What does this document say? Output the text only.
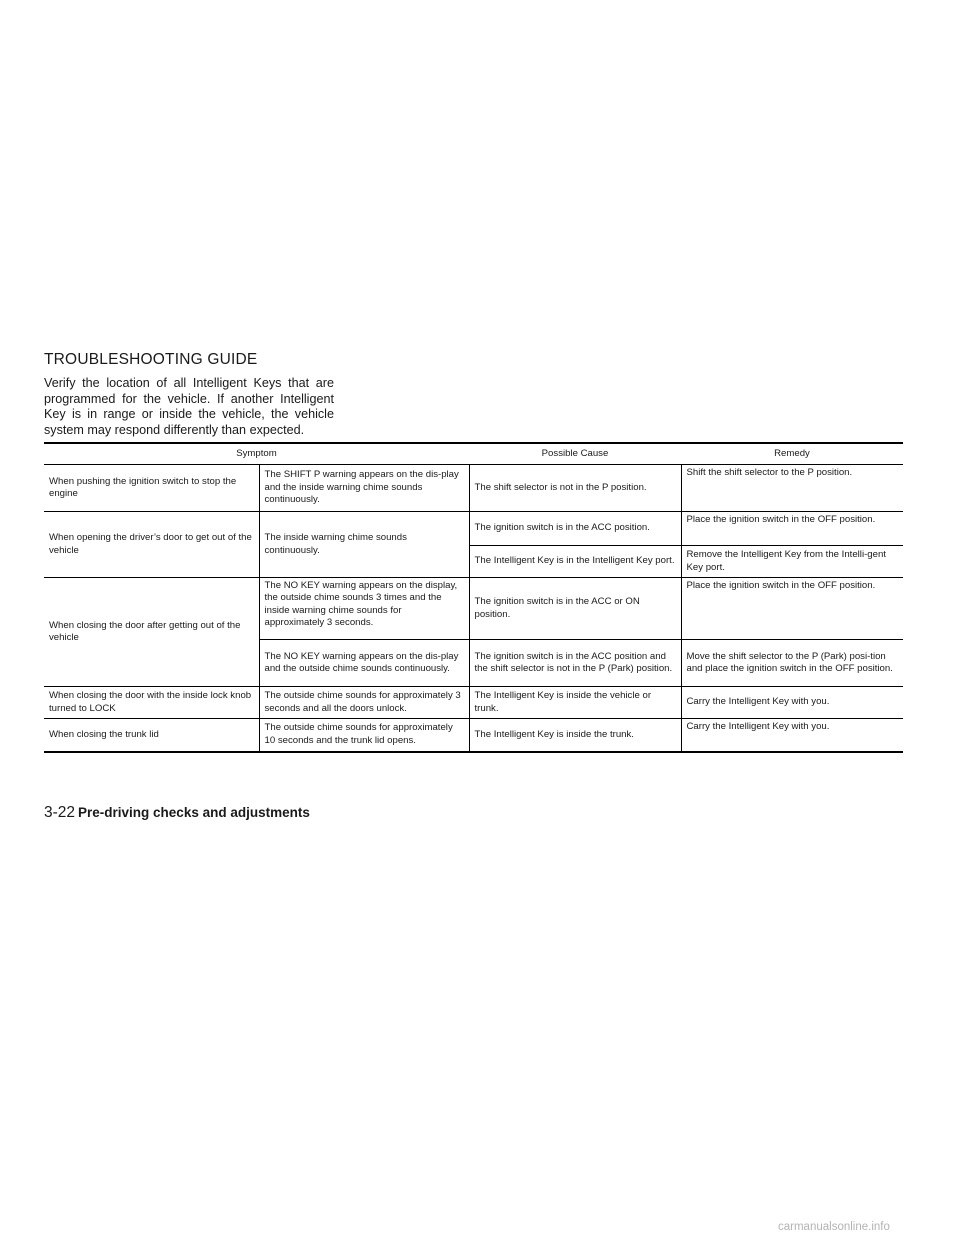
TROUBLESHOOTING GUIDE

Verify the location of all Intelligent Keys that are programmed for the vehicle. If another Intelligent Key is in range or inside the vehicle, the vehicle system may respond differently than expected.

Symptom		Possible Cause	Remedy
When pushing the ignition switch to stop the engine	The SHIFT P warning appears on the dis-play and the inside warning chime sounds continuously.	The shift selector is not in the P position.	Shift the shift selector to the P position.
When opening the driver’s door to get out of the vehicle	The inside warning chime sounds continuously.	The ignition switch is in the ACC position.	Place the ignition switch in the OFF position.
		The Intelligent Key is in the Intelligent Key port.	Remove the Intelligent Key from the Intelli-gent Key port.
When closing the door after getting out of the vehicle	The NO KEY warning appears on the display, the outside chime sounds 3 times and the inside warning chime sounds for approximately 3 seconds.	The ignition switch is in the ACC or ON position.	Place the ignition switch in the OFF position.
	The NO KEY warning appears on the dis-play and the outside chime sounds continuously.	The ignition switch is in the ACC position and the shift selector is not in the P (Park) position.	Move the shift selector to the P (Park) posi-tion and place the ignition switch in the OFF position.
When closing the door with the inside lock knob turned to LOCK	The outside chime sounds for approximately 3 seconds and all the doors unlock.	The Intelligent Key is inside the vehicle or trunk.	Carry the Intelligent Key with you.
When closing the trunk lid	The outside chime sounds for approximately 10 seconds and the trunk lid opens.	The Intelligent Key is inside the trunk.	Carry the Intelligent Key with you.
3-22 Pre-driving checks and adjustments
carmanualsonline.info
